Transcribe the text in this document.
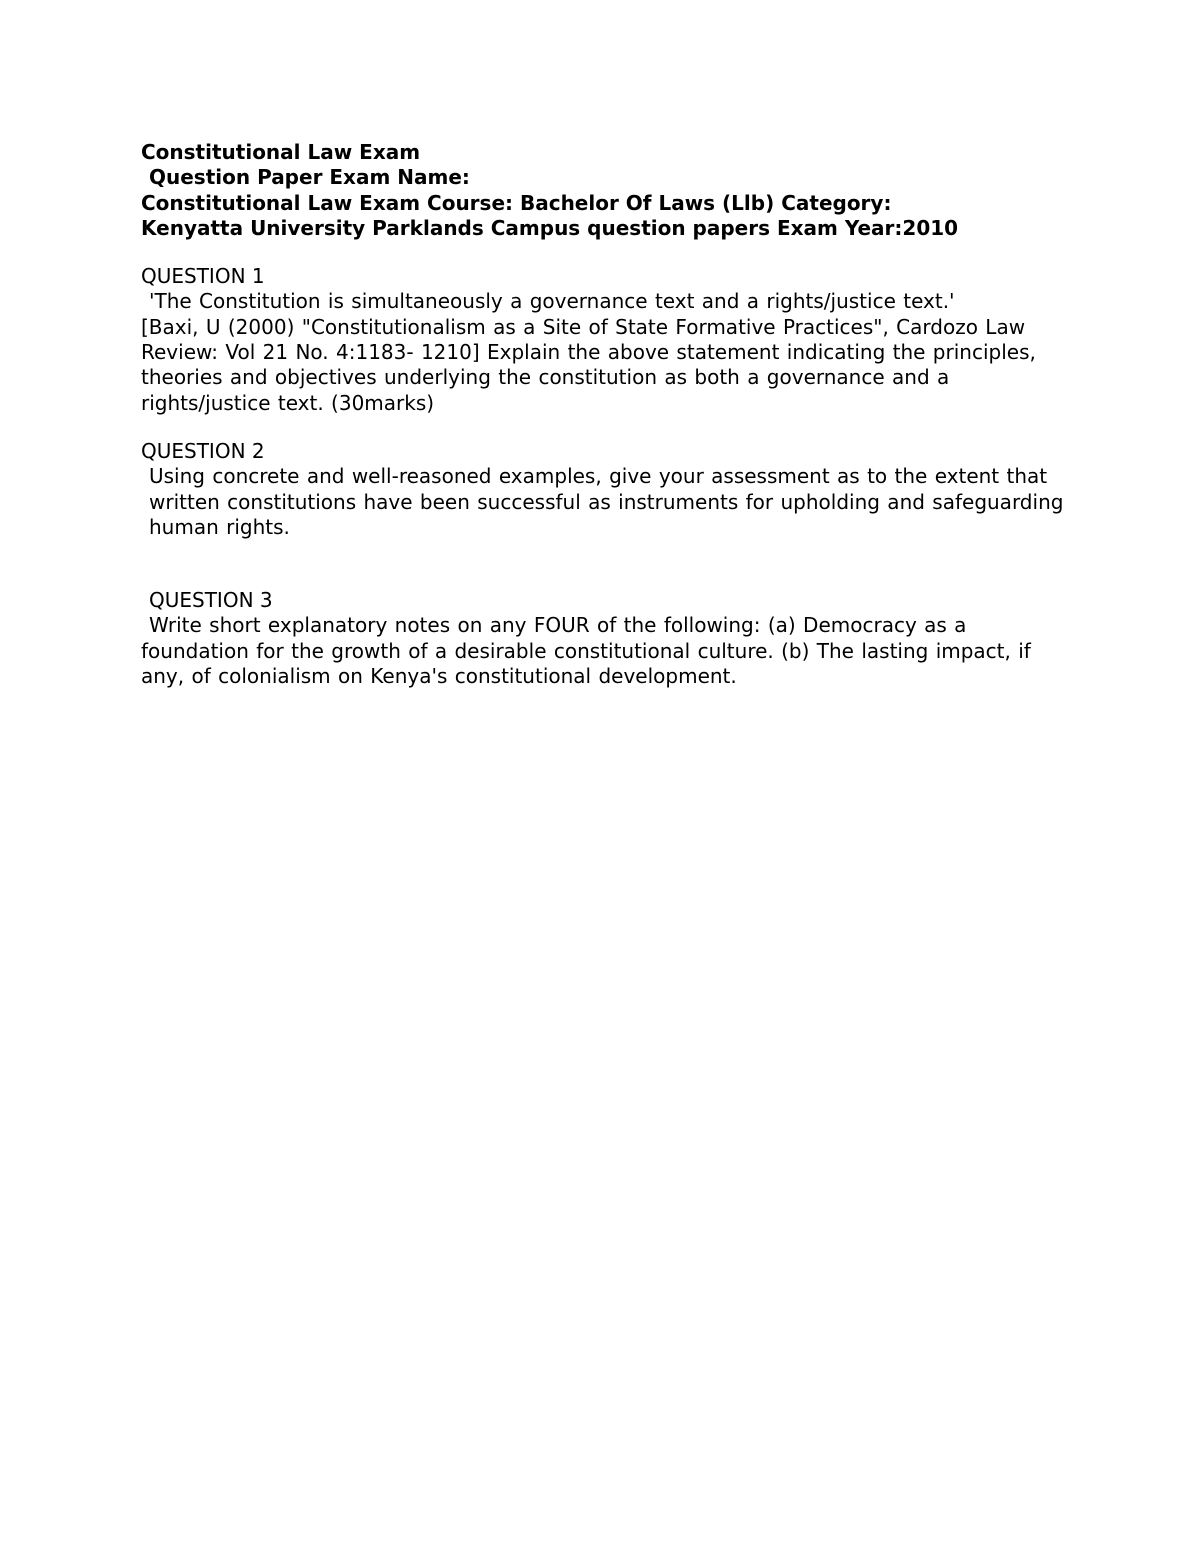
Constitutional Law Exam
Question Paper Exam Name:
Constitutional Law Exam Course: Bachelor Of Laws (Llb) Category:
Kenyatta University Parklands Campus question papers Exam Year:2010
QUESTION 1
'The Constitution is simultaneously a governance text and a rights/justice text.'
[Baxi, U (2000) "Constitutionalism as a Site of State Formative Practices", Cardozo Law Review: Vol 21 No. 4:1183- 1210] Explain the above statement indicating the principles, theories and objectives underlying the constitution as both a governance and a rights/justice text. (30marks)
QUESTION 2
Using concrete and well-reasoned examples, give your assessment as to the extent that written constitutions have been successful as instruments for upholding and safeguarding human rights.
QUESTION 3
Write short explanatory notes on any FOUR of the following: (a) Democracy as a foundation for the growth of a desirable constitutional culture. (b) The lasting impact, if any, of colonialism on Kenya's constitutional development.
